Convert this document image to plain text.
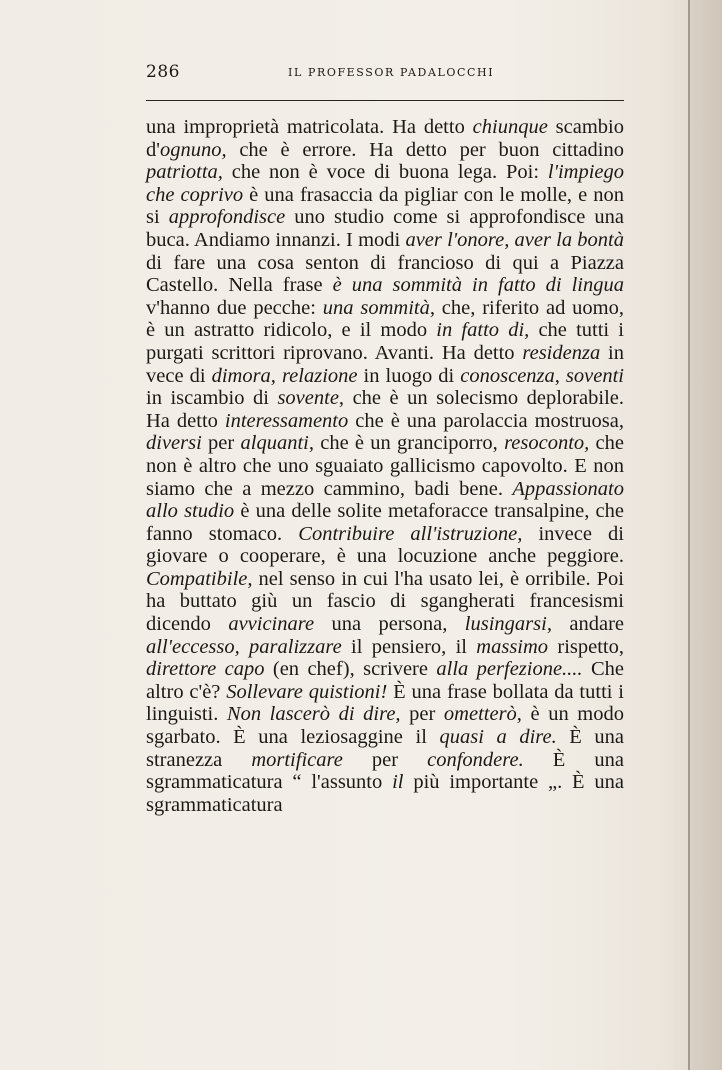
286	IL PROFESSOR PADALOCCHI

una improprietà matricolata. Ha detto chiunque scambio d'ognuno, che è errore. Ha detto per buon cittadino patriotta, che non è voce di buona lega. Poi: l'impiego che coprivo è una frasaccia da pigliar con le molle, e non si approfondisce uno studio come si approfondisce una buca. Andiamo innanzi. I modi aver l'onore, aver la bontà di fare una cosa senton di francioso di qui a Piazza Castello. Nella frase è una sommità in fatto di lingua v'hanno due pecche: una sommità, che, riferito ad uomo, è un astratto ridicolo, e il modo in fatto di, che tutti i purgati scrittori riprovano. Avanti. Ha detto residenza in vece di dimora, relazione in luogo di conoscenza, soventi in iscambio di sovente, che è un solecismo deplorabile. Ha detto interessamento che è una parolaccia mostruosa, diversi per alquanti, che è un granciporro, resoconto, che non è altro che uno sguaiato gallicismo capovolto. E non siamo che a mezzo cammino, badi bene. Appassionato allo studio è una delle solite metaforacce transalpine, che fanno stomaco. Contribuire all'istruzione, invece di giovare o cooperare, è una locuzione anche peggiore. Compatibile, nel senso in cui l'ha usato lei, è orribile. Poi ha buttato giù un fascio di sgangherati francesismi dicendo avvicinare una persona, lusingarsi, andare all'eccesso, paralizzare il pensiero, il massimo rispetto, direttore capo (en chef), scrivere alla perfezione.... Che altro c'è? Sollevare quistioni! È una frase bollata da tutti i linguisti. Non lascerò di dire, per ometterò, è un modo sgarbato. È una leziosaggine il quasi a dire. È una stranezza mortificare per confondere. È una sgrammaticatura “ l'assunto il più importante „. È una sgrammaticatura
